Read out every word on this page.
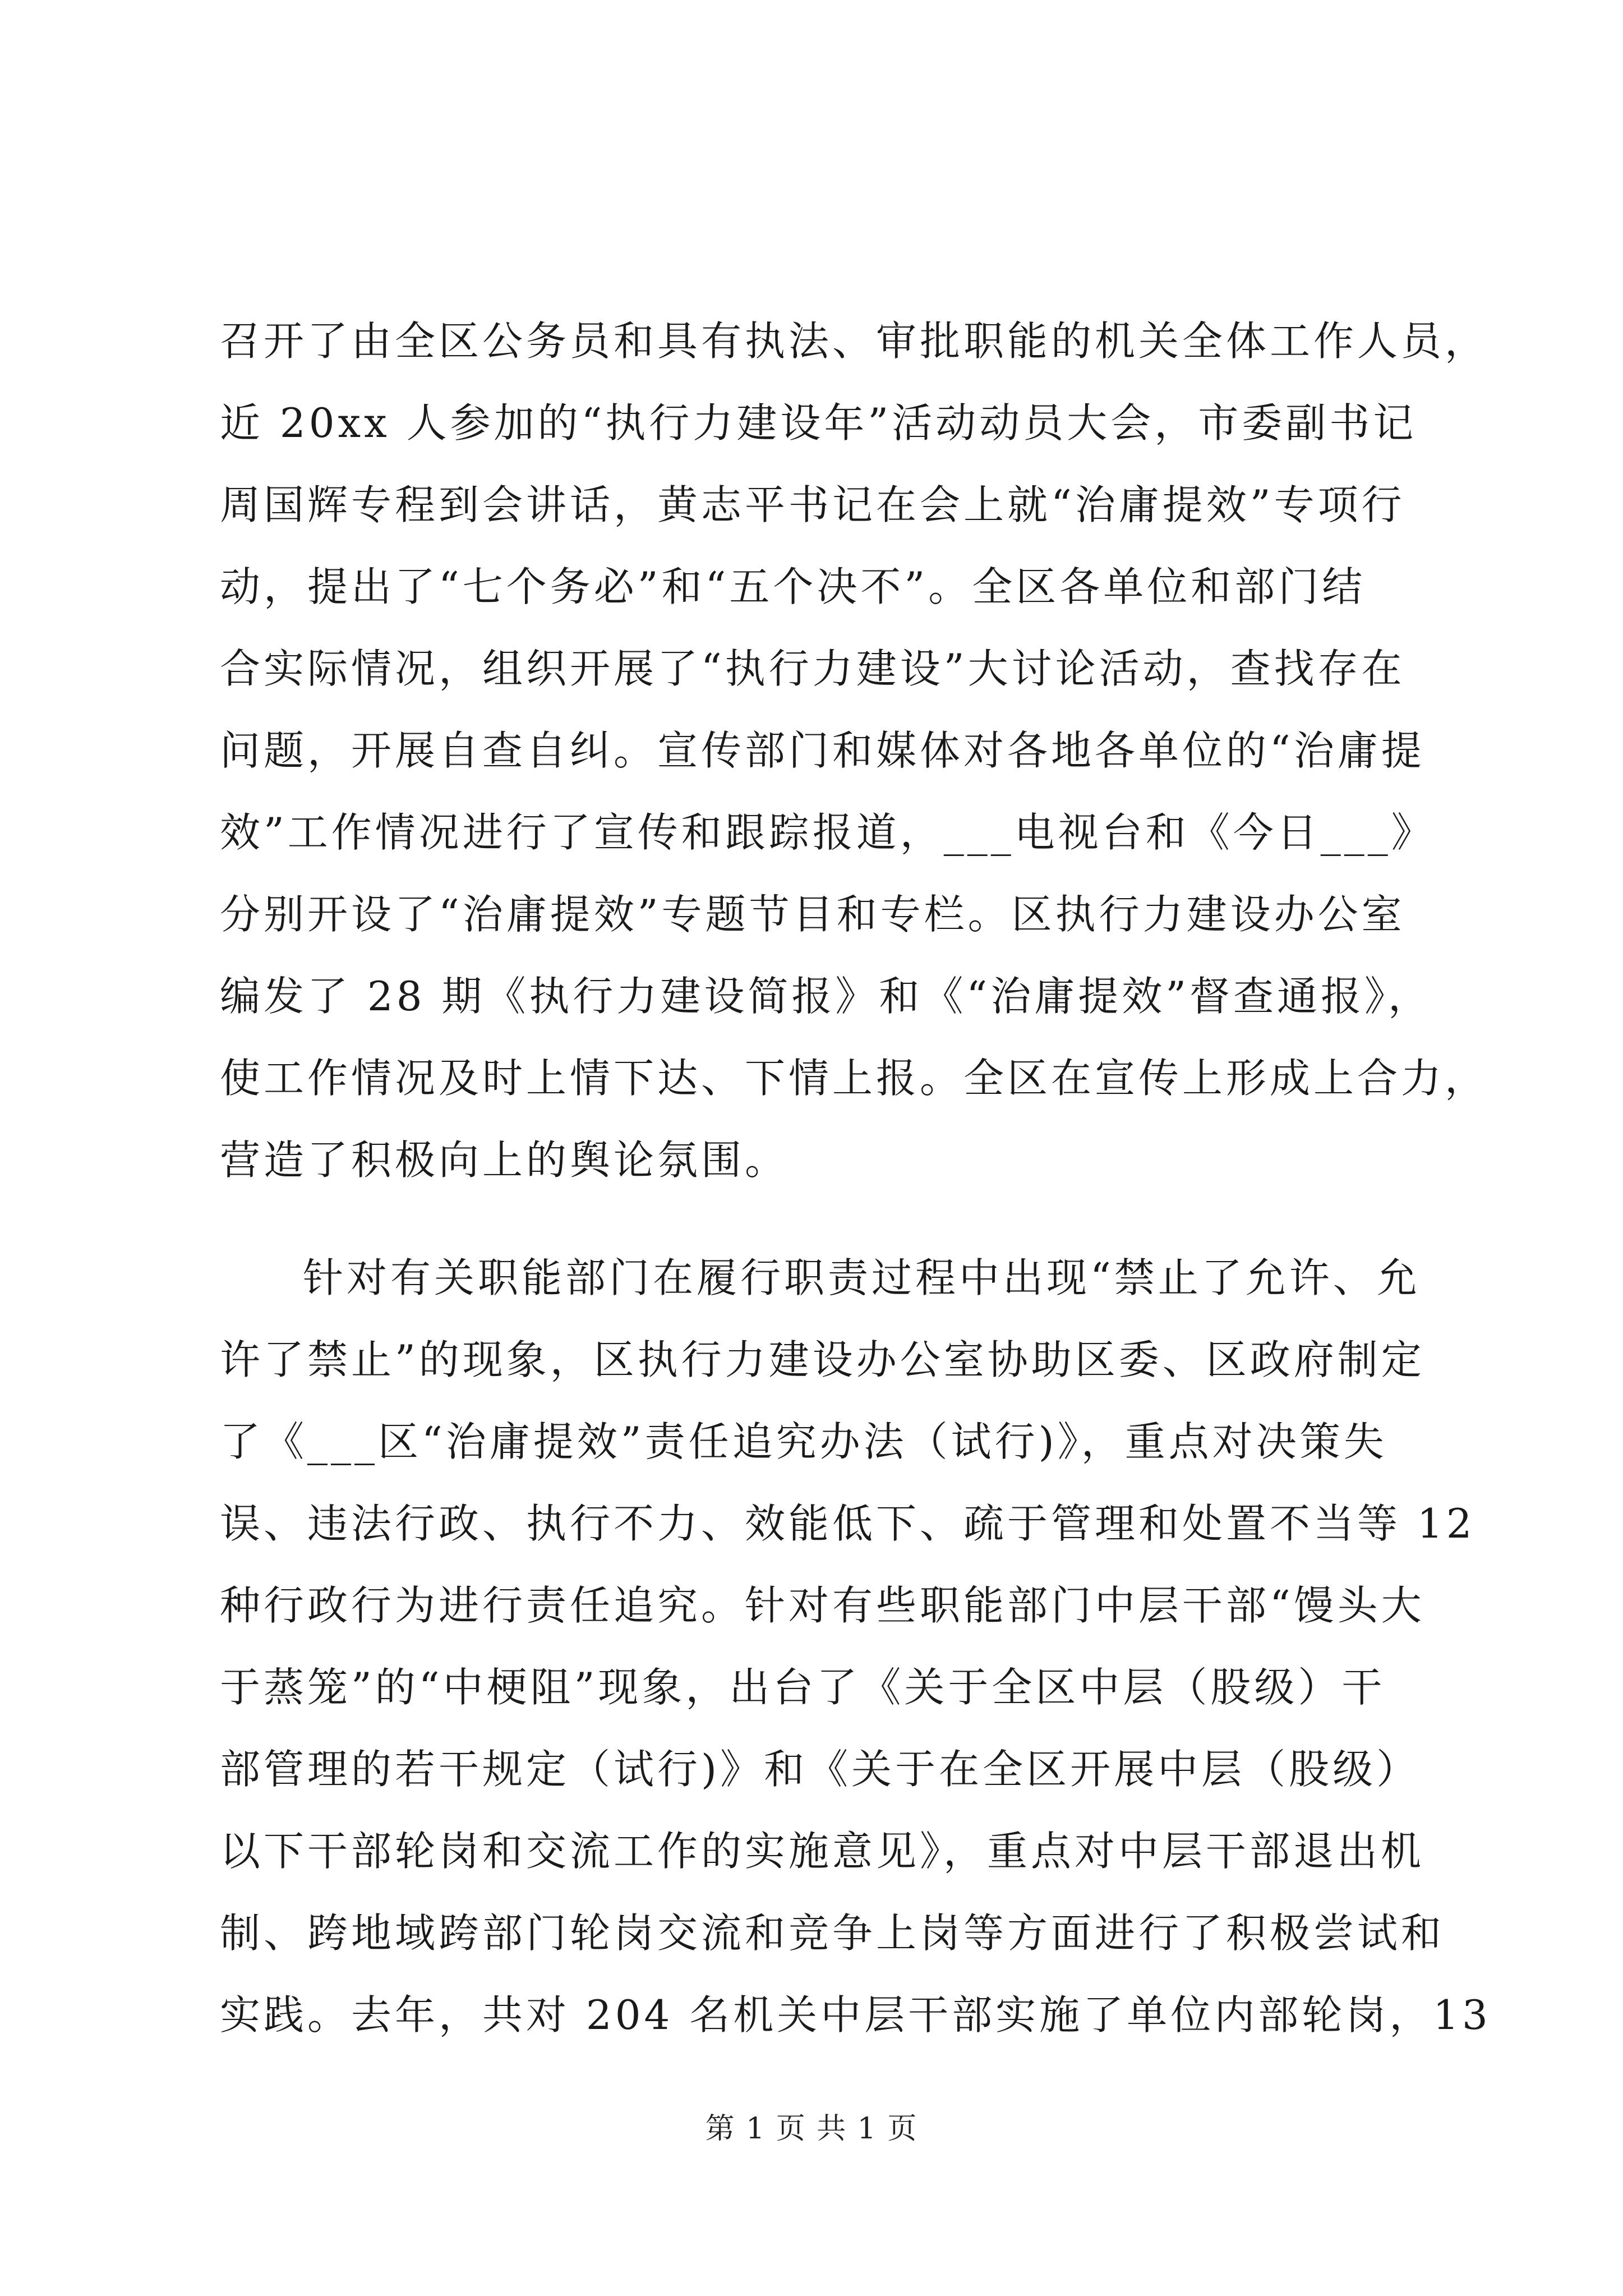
召开了由全区公务员和具有执法、审批职能的机关全体工作人员，
近 20xx 人参加的“执行力建设年”活动动员大会，市委副书记
周国辉专程到会讲话，黄志平书记在会上就“治庸提效”专项行
动，提出了“七个务必”和“五个决不”。全区各单位和部门结
合实际情况，组织开展了“执行力建设”大讨论活动，查找存在
问题，开展自查自纠。宣传部门和媒体对各地各单位的“治庸提
效”工作情况进行了宣传和跟踪报道，___电视台和《今日___》
分别开设了“治庸提效”专题节目和专栏。区执行力建设办公室
编发了 28 期《执行力建设简报》和《“治庸提效”督查通报》，
使工作情况及时上情下达、下情上报。全区在宣传上形成上合力，
营造了积极向上的舆论氛围。
针对有关职能部门在履行职责过程中出现“禁止了允许、允
许了禁止”的现象，区执行力建设办公室协助区委、区政府制定
了《___区“治庸提效”责任追究办法（试行)》，重点对决策失
误、违法行政、执行不力、效能低下、疏于管理和处置不当等 12
种行政行为进行责任追究。针对有些职能部门中层干部“馒头大
于蒸笼”的“中梗阻”现象，出台了《关于全区中层（股级）干
部管理的若干规定（试行)》和《关于在全区开展中层（股级）
以下干部轮岗和交流工作的实施意见》，重点对中层干部退出机
制、跨地域跨部门轮岗交流和竞争上岗等方面进行了积极尝试和
实践。去年，共对 204 名机关中层干部实施了单位内部轮岗，13
第 1 页 共 1 页
